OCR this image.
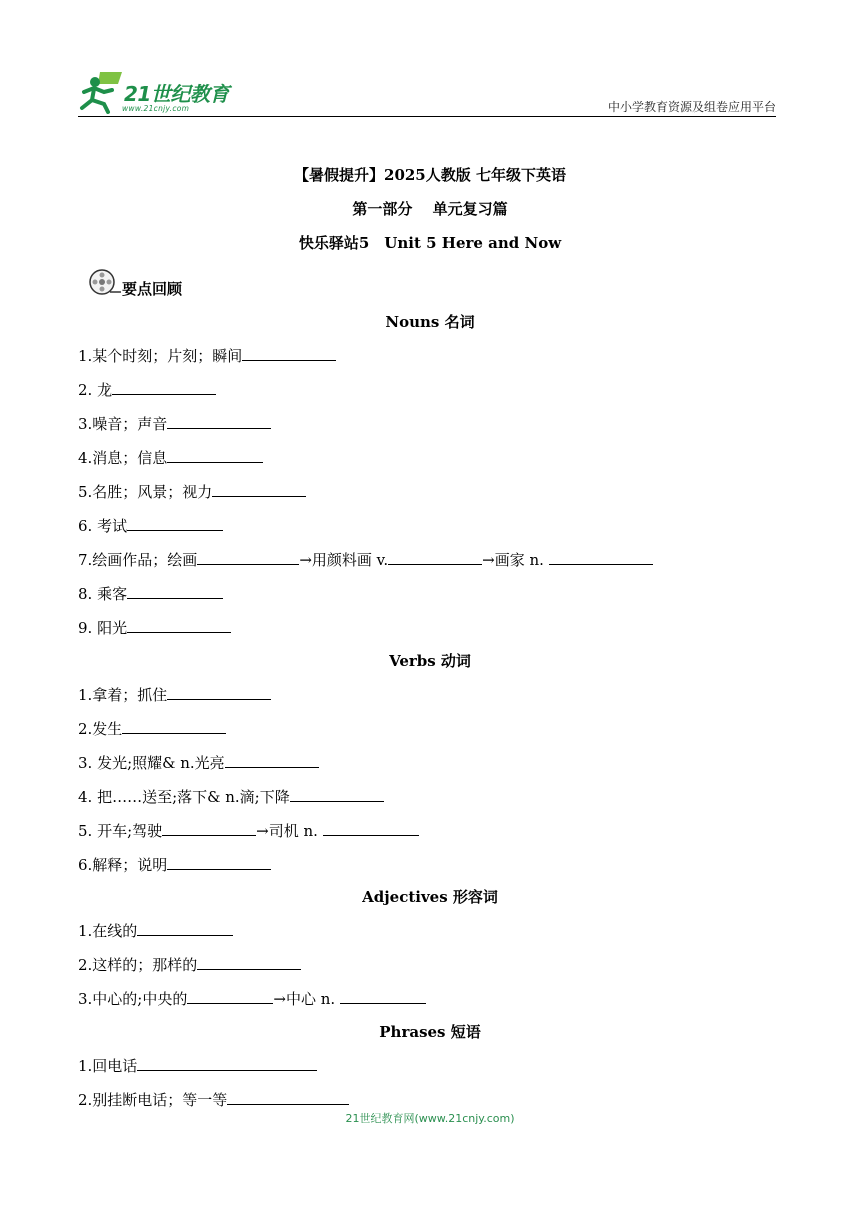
21世纪教育
www.21cnjy.com	中小学教育资源及组卷应用平台
【暑假提升】2025人教版 七年级下英语
第一部分　 单元复习篇
快乐驿站5　Unit 5 Here and Now
要点回顾
Nouns 名词
1.某个时刻；片刻；瞬间
2. 龙
3.噪音；声音
4.消息；信息
5.名胜；风景；视力
6. 考试
7.绘画作品；绘画	→用颜料画 v.	→画家 n.
8. 乘客
9. 阳光
Verbs 动词
1.拿着；抓住
2.发生
3. 发光;照耀& n.光亮
4. 把……送至;落下& n.滴;下降
5. 开车;驾驶	→司机 n.
6.解释；说明
Adjectives 形容词
1.在线的
2.这样的；那样的
3.中心的;中央的	→中心 n.
Phrases 短语
1.回电话
2.别挂断电话；等一等
21世纪教育网(www.21cnjy.com)
